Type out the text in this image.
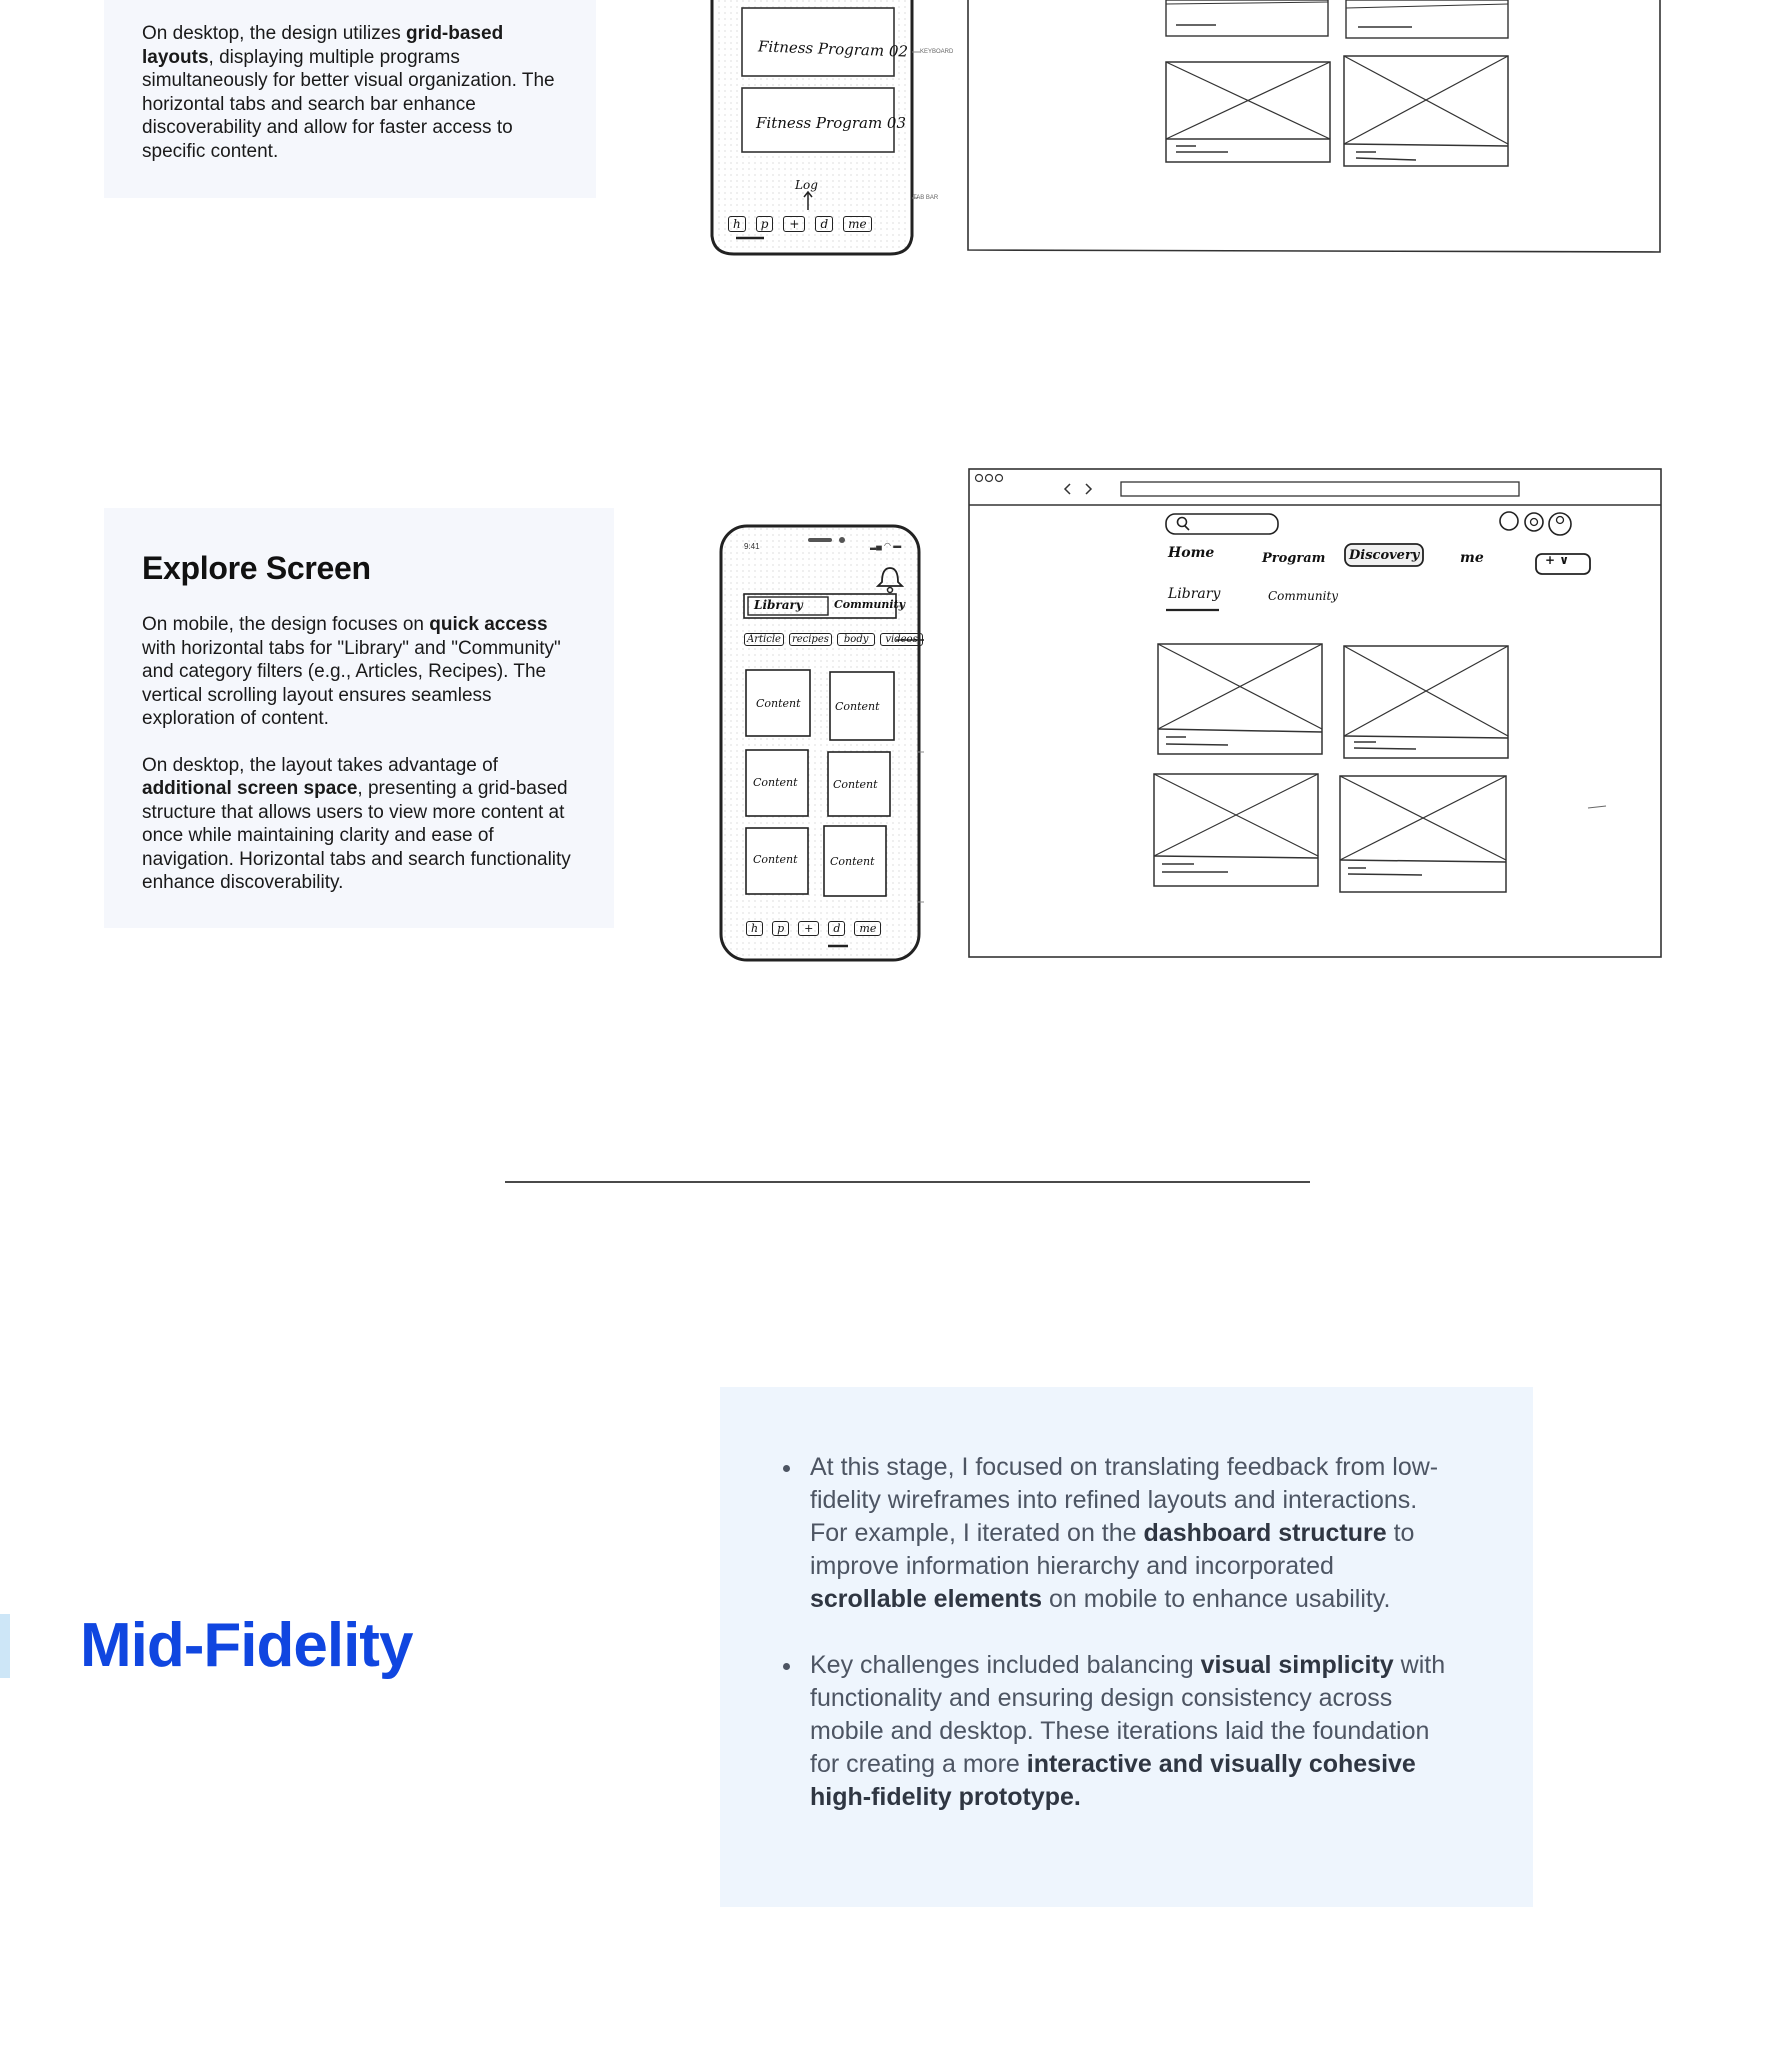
On desktop, the design utilizes grid-based layouts, displaying multiple programs simultaneously for better visual organization. The horizontal tabs and search bar enhance discoverability and allow for faster access to specific content.

Fitness Program 03
Fitness Program 02
Log
KEYBOARD
TAB BAR
h	p	+	d	me
Explore Screen

On mobile, the design focuses on quick access with horizontal tabs for "Library" and "Community" and category filters (e.g., Articles, Recipes). The vertical scrolling layout ensures seamless exploration of content.

On desktop, the layout takes advantage of additional screen space, presenting a grid-based structure that allows users to view more content at once while maintaining clarity and ease of navigation. Horizontal tabs and search functionality enhance discoverability.

9:41	▂▄ ◠ ▬
Library	Community
Article	recipes	body	videos
Content	Content
Content	Content
Content	Content
h	p	+	d	me
Home	Program Discovery	me	+ ∨
Library	Community
Mid-Fidelity
• At this stage, I focused on translating feedback from low-fidelity wireframes into refined layouts and interactions. For example, I iterated on the dashboard structure to improve information hierarchy and incorporated scrollable elements on mobile to enhance usability.
• Key challenges included balancing visual simplicity with functionality and ensuring design consistency across mobile and desktop. These iterations laid the foundation for creating a more interactive and visually cohesive high-fidelity prototype.
